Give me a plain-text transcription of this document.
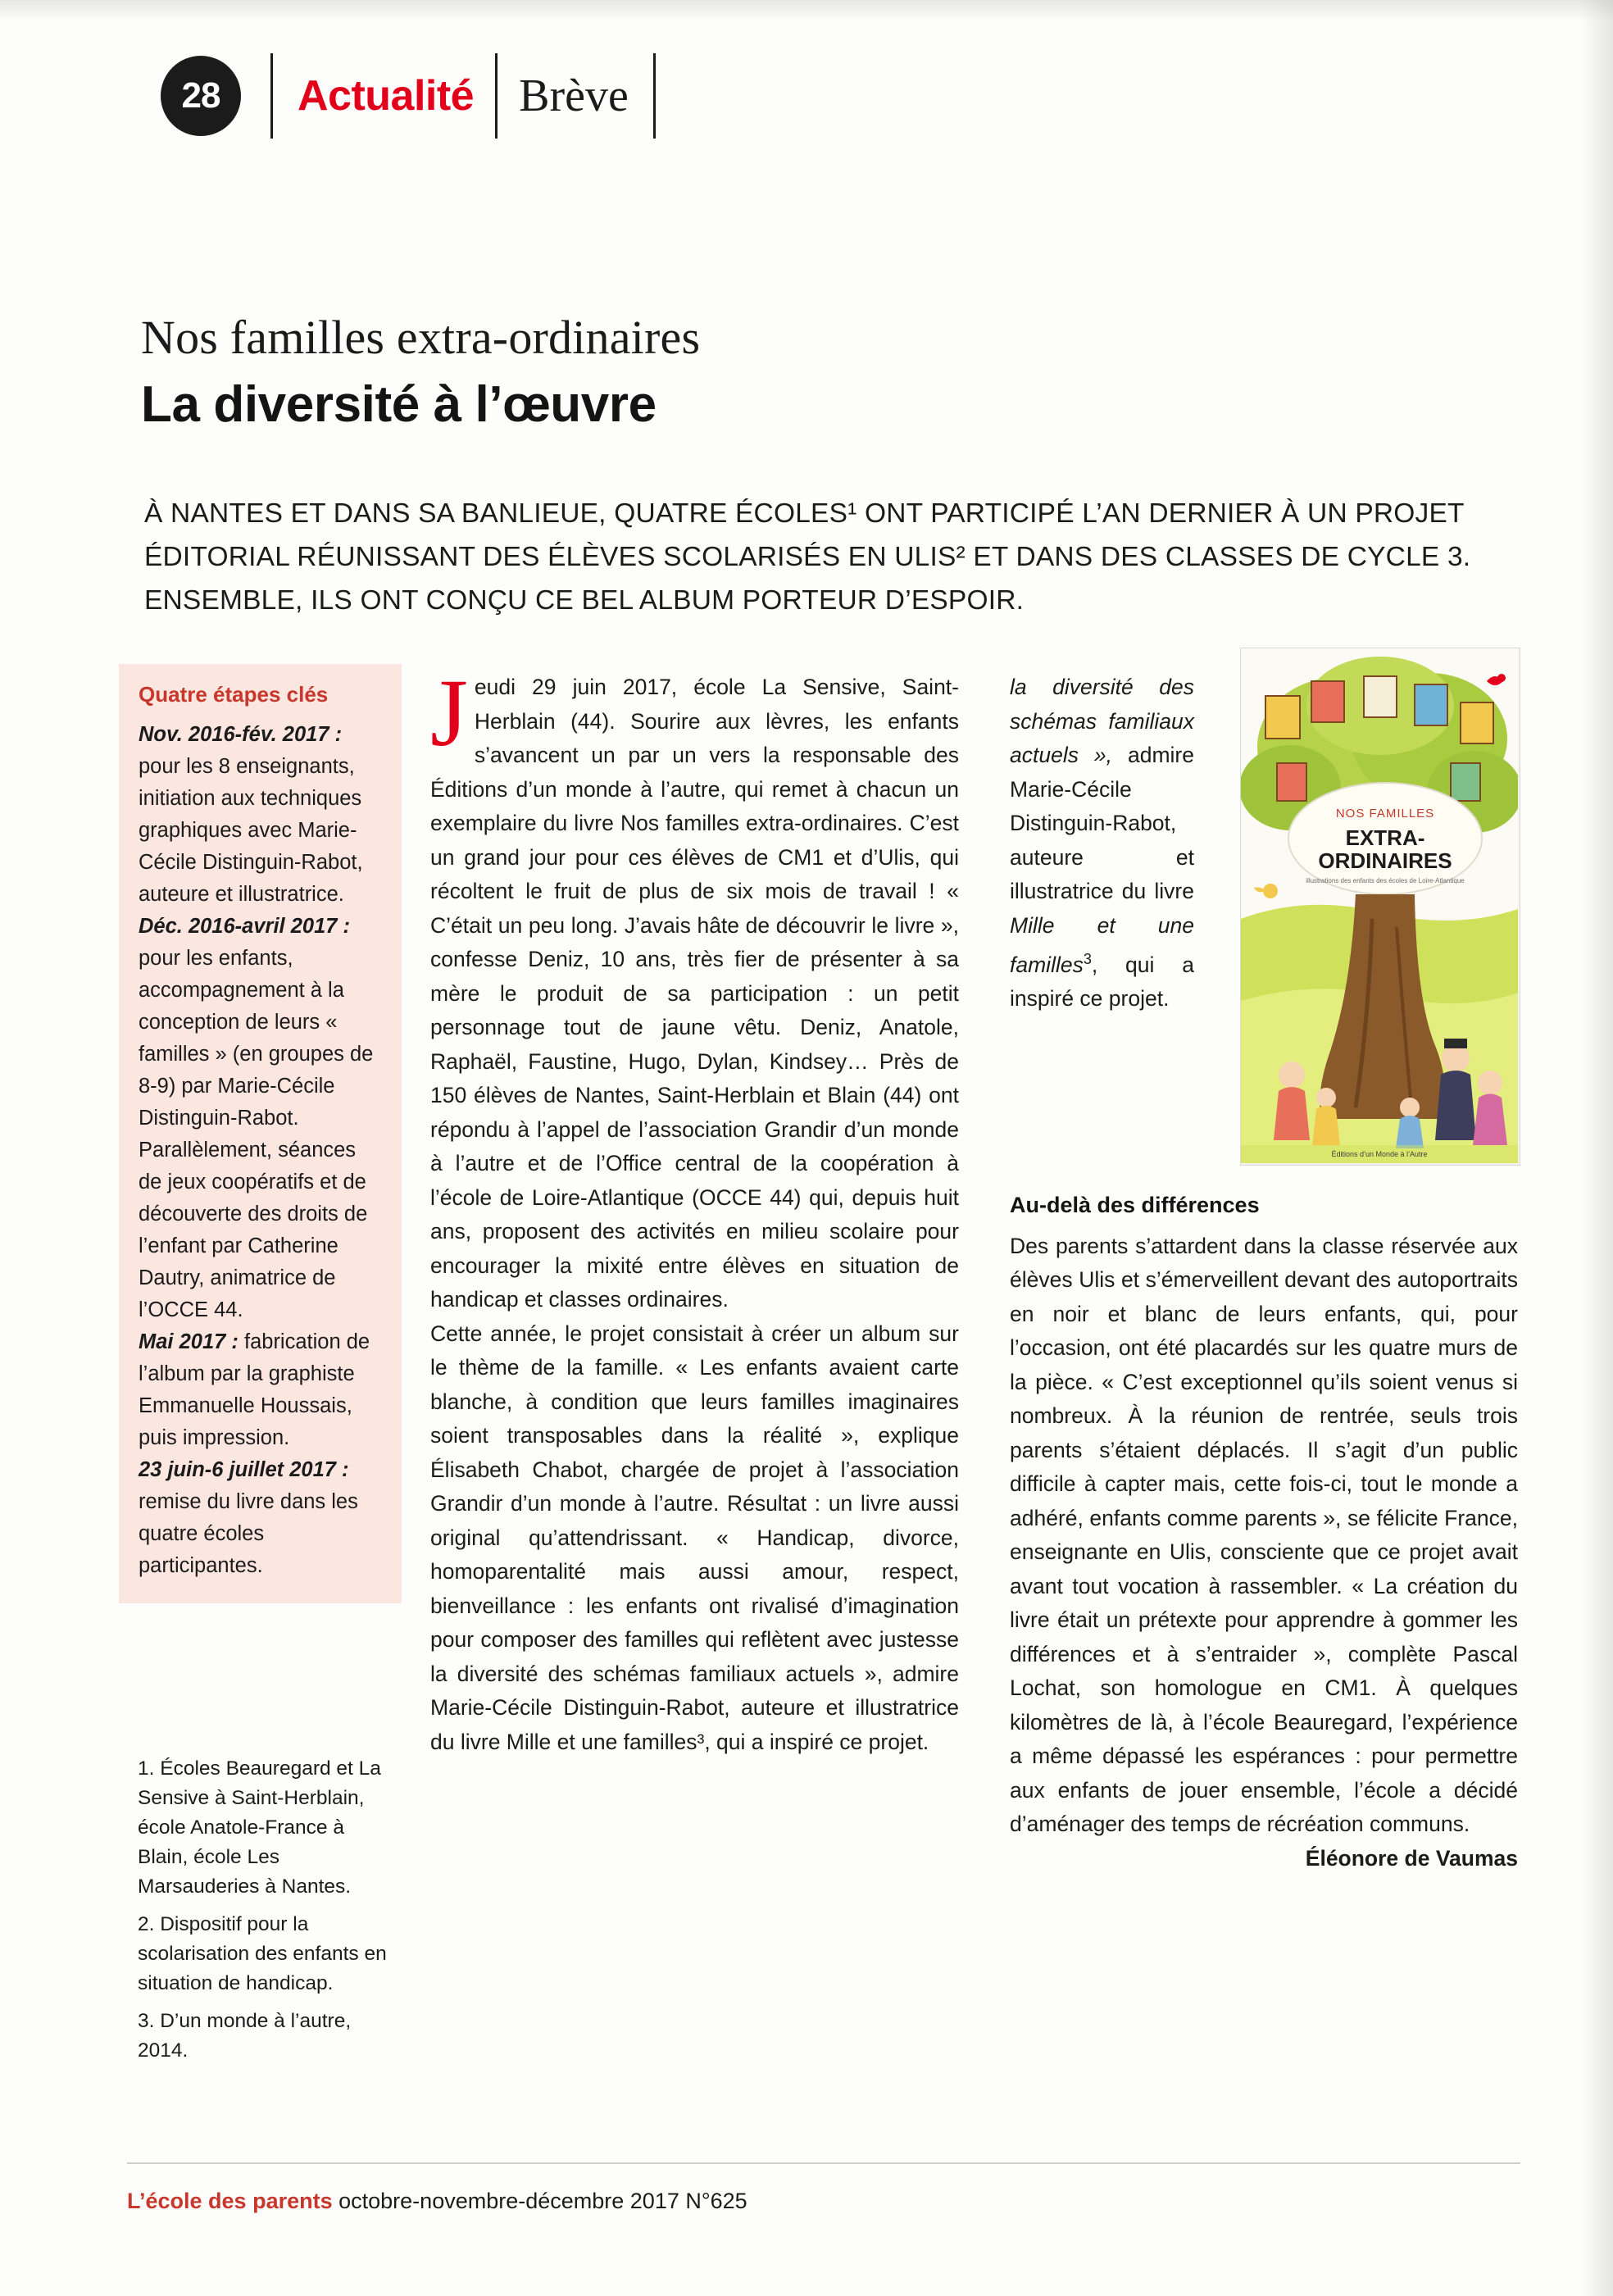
28	Actualité Brève
Nos familles extra-ordinaires
La diversité à l’œuvre
À NANTES ET DANS SA BANLIEUE, QUATRE ÉCOLES¹ ONT PARTICIPÉ L’AN DERNIER À UN PROJET ÉDITORIAL RÉUNISSANT DES ÉLÈVES SCOLARISÉS EN ULIS² ET DANS DES CLASSES DE CYCLE 3. ENSEMBLE, ILS ONT CONÇU CE BEL ALBUM PORTEUR D’ESPOIR.
Quatre étapes clés

Nov. 2016-fév. 2017 : pour les 8 enseignants, initiation aux techniques graphiques avec Marie-Cécile Distinguin-Rabot, auteure et illustratrice.

Déc. 2016-avril 2017 : pour les enfants, accompagnement à la conception de leurs « familles » (en groupes de 8-9) par Marie-Cécile Distinguin-Rabot. Parallèlement, séances de jeux coopératifs et de découverte des droits de l’enfant par Catherine Dautry, animatrice de l’OCCE 44.

Mai 2017 : fabrication de l’album par la graphiste Emmanuelle Houssais, puis impression.

23 juin-6 juillet 2017 : remise du livre dans les quatre écoles participantes.

1. Écoles Beauregard et La Sensive à Saint-Herblain, école Anatole-France à Blain, école Les Marsauderies à Nantes.

2. Dispositif pour la scolarisation des enfants en situation de handicap.

3. D’un monde à l’autre, 2014.

Jeudi 29 juin 2017, école La Sensive, Saint-Herblain (44). Sourire aux lèvres, les enfants s’avancent un par un vers la responsable des Éditions d’un monde à l’autre, qui remet à chacun un exemplaire du livre Nos familles extra-ordinaires. C’est un grand jour pour ces élèves de CM1 et d’Ulis, qui récoltent le fruit de plus de six mois de travail ! « C’était un peu long. J’avais hâte de découvrir le livre », confesse Deniz, 10 ans, très fier de présenter à sa mère le produit de sa participation : un petit personnage tout de jaune vêtu. Deniz, Anatole, Raphaël, Faustine, Hugo, Dylan, Kindsey… Près de 150 élèves de Nantes, Saint-Herblain et Blain (44) ont répondu à l’appel de l’association Grandir d’un monde à l’autre et de l’Office central de la coopération à l’école de Loire-Atlantique (OCCE 44) qui, depuis huit ans, proposent des activités en milieu scolaire pour encourager la mixité entre élèves en situation de handicap et classes ordinaires.

Cette année, le projet consistait à créer un album sur le thème de la famille. « Les enfants avaient carte blanche, à condition que leurs familles imaginaires soient transposables dans la réalité », explique Élisabeth Chabot, chargée de projet à l’association Grandir d’un monde à l’autre. Résultat : un livre aussi original qu’attendrissant. « Handicap, divorce, homoparentalité mais aussi amour, respect, bienveillance : les enfants ont rivalisé d’imagination pour composer des familles qui reflètent avec justesse la diversité des schémas familiaux actuels », admire Marie-Cécile Distinguin-Rabot, auteure et illustratrice du livre Mille et une familles³, qui a inspiré ce projet.

Au-delà des différences

Des parents s’attardent dans la classe réservée aux élèves Ulis et s’émerveillent devant des autoportraits en noir et blanc de leurs enfants, qui, pour l’occasion, ont été placardés sur les quatre murs de la pièce. « C’est exceptionnel qu’ils soient venus si nombreux. À la réunion de rentrée, seuls trois parents s’étaient déplacés. Il s’agit d’un public difficile à capter mais, cette fois-ci, tout le monde a adhéré, enfants comme parents », se félicite France, enseignante en Ulis, consciente que ce projet avait avant tout vocation à rassembler. « La création du livre était un prétexte pour apprendre à gommer les différences et à s’entraider », complète Pascal Lochat, son homologue en CM1. À quelques kilomètres de là, à l’école Beauregard, l’expérience a même dépassé les espérances : pour permettre aux enfants de jouer ensemble, l’école a décidé d’aménager des temps de récréation communs.

Éléonore de Vaumas
NOS FAMILLES
EXTRA-
ORDINAIRES
illustrations des enfants des écoles de Loire-Atlantique
Éditions d’un Monde à l’Autre

la diversité des schémas familiaux actuels », admire Marie-Cécile Distinguin-Rabot, auteure et illustratrice du livre Mille et une familles$^3$, qui a inspiré ce projet.

L’école des parents octobre-novembre-décembre 2017 N°625
